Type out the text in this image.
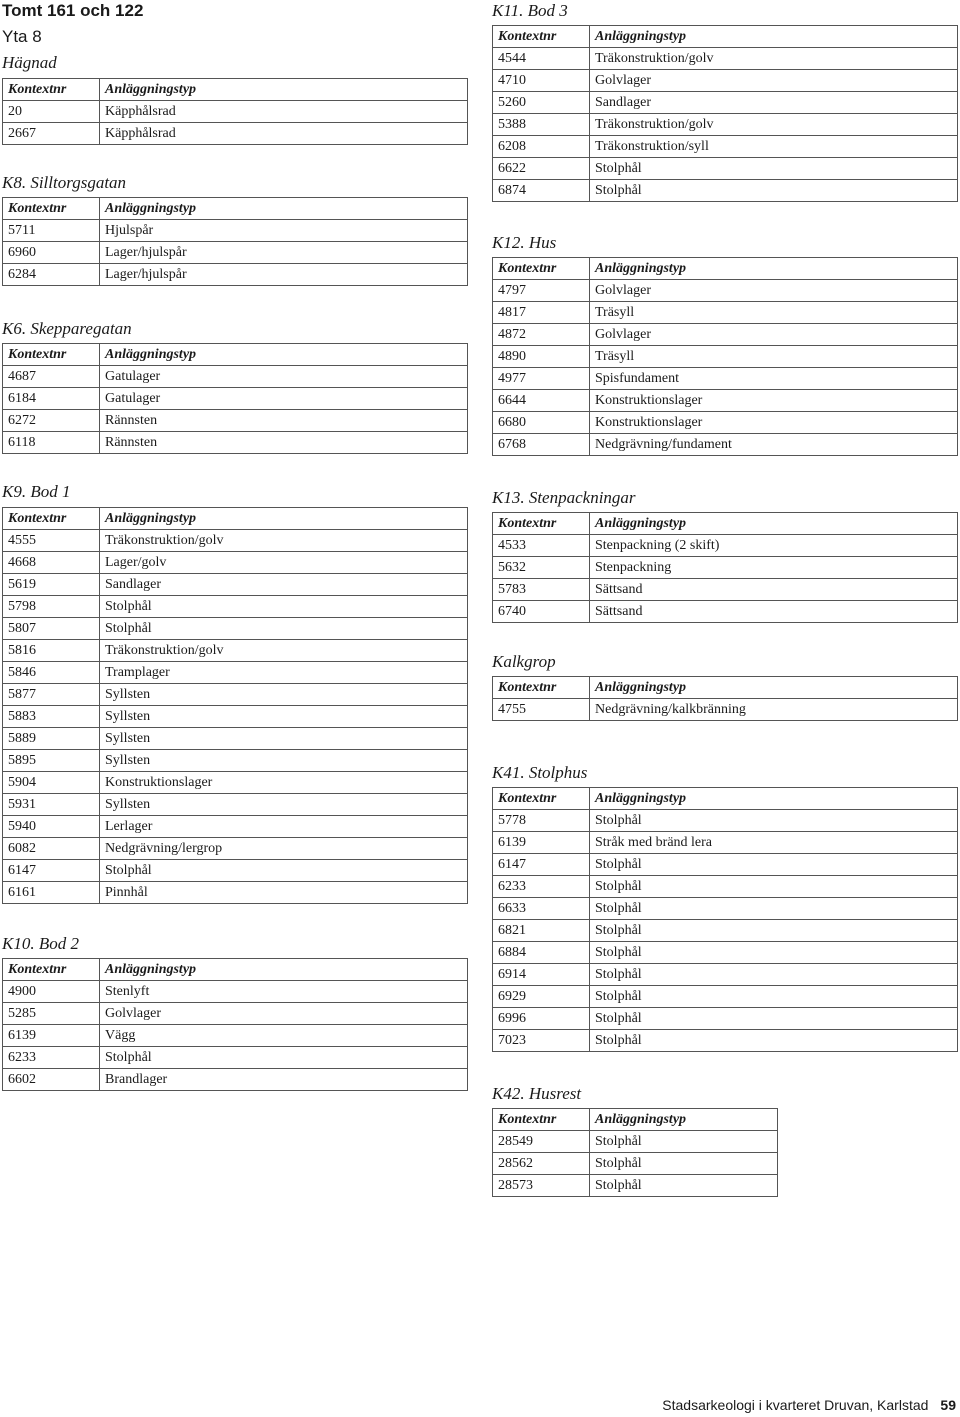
Tomt 161 och 122
Yta 8
Hägnad
Kontextnr	Anläggningstyp
20	Käpphålsrad
2667	Käpphålsrad
K8. Silltorgsgatan
Kontextnr	Anläggningstyp
5711	Hjulspår
6960	Lager/hjulspår
6284	Lager/hjulspår
K6. Skepparegatan
Kontextnr	Anläggningstyp
4687	Gatulager
6184	Gatulager
6272	Rännsten
6118	Rännsten
K9. Bod 1
Kontextnr	Anläggningstyp
4555	Träkonstruktion/golv
4668	Lager/golv
5619	Sandlager
5798	Stolphål
5807	Stolphål
5816	Träkonstruktion/golv
5846	Tramplager
5877	Syllsten
5883	Syllsten
5889	Syllsten
5895	Syllsten
5904	Konstruktionslager
5931	Syllsten
5940	Lerlager
6082	Nedgrävning/lergrop
6147	Stolphål
6161	Pinnhål
K10. Bod 2
Kontextnr	Anläggningstyp
4900	Stenlyft
5285	Golvlager
6139	Vägg
6233	Stolphål
6602	Brandlager
K11. Bod 3
Kontextnr	Anläggningstyp
4544	Träkonstruktion/golv
4710	Golvlager
5260	Sandlager
5388	Träkonstruktion/golv
6208	Träkonstruktion/syll
6622	Stolphål
6874	Stolphål
K12. Hus
Kontextnr	Anläggningstyp
4797	Golvlager
4817	Träsyll
4872	Golvlager
4890	Träsyll
4977	Spisfundament
6644	Konstruktionslager
6680	Konstruktionslager
6768	Nedgrävning/fundament
K13. Stenpackningar
Kontextnr	Anläggningstyp
4533	Stenpackning (2 skift)
5632	Stenpackning
5783	Sättsand
6740	Sättsand
Kalkgrop
Kontextnr	Anläggningstyp
4755	Nedgrävning/kalkbränning
K41. Stolphus
Kontextnr	Anläggningstyp
5778	Stolphål
6139	Stråk med bränd lera
6147	Stolphål
6233	Stolphål
6633	Stolphål
6821	Stolphål
6884	Stolphål
6914	Stolphål
6929	Stolphål
6996	Stolphål
7023	Stolphål
K42. Husrest
Kontextnr	Anläggningstyp
28549	Stolphål
28562	Stolphål
28573	Stolphål
Stadsarkeologi i kvarteret Druvan, Karlstad 59
